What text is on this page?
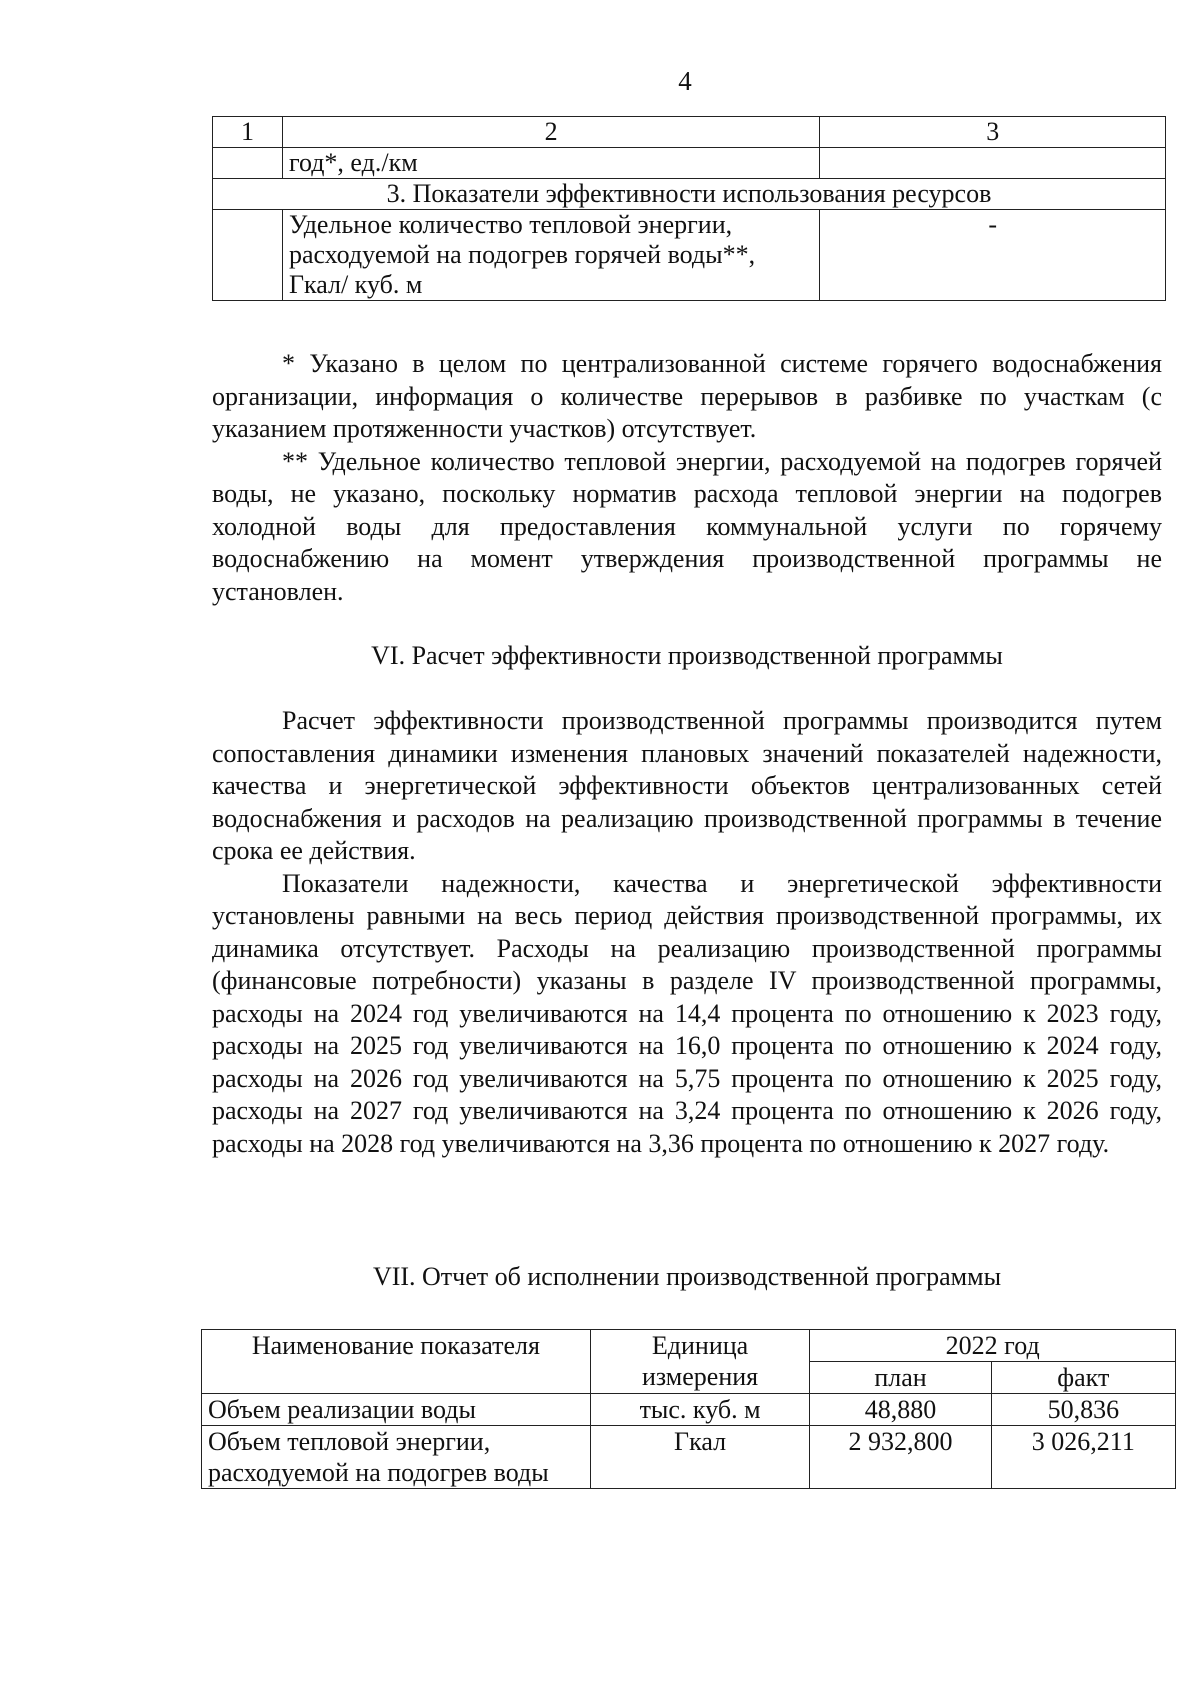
4
1	2	3
	год*, ед./км	
3. Показатели эффективности использования ресурсов		
	Удельное количество тепловой энергии, расходуемой на подогрев горячей воды**, Гкал/ куб. м	-

* Указано в целом по централизованной системе горячего водоснабжения организации, информация о количестве перерывов в разбивке по участкам (с указанием протяженности участков) отсутствует.

** Удельное количество тепловой энергии, расходуемой на подогрев горячей воды, не указано, поскольку норматив расхода тепловой энергии на подогрев холодной воды для предоставления коммунальной услуги по горячему водоснабжению на момент утверждения производственной программы не установлен.

VI. Расчет эффективности производственной программы

Расчет эффективности производственной программы производится путем сопоставления динамики изменения плановых значений показателей надежности, качества и энергетической эффективности объектов централизованных сетей водоснабжения и расходов на реализацию производственной программы в течение срока ее действия.

Показатели надежности, качества и энергетической эффективности установлены равными на весь период действия производственной программы, их динамика отсутствует. Расходы на реализацию производственной программы (финансовые потребности) указаны в разделе IV производственной программы, расходы на 2024 год увеличиваются на 14,4 процента по отношению к 2023 году, расходы на 2025 год увеличиваются на 16,0 процента по отношению к 2024 году, расходы на 2026 год увеличиваются на 5,75 процента по отношению к 2025 году, расходы на 2027 год увеличиваются на 3,24 процента по отношению к 2026 году, расходы на 2028 год увеличиваются на 3,36 процента по отношению к 2027 году.

VII. Отчет об исполнении производственной программы
Наименование показателя	Единица измерения	2022 год	
		план	факт
Объем реализации воды	тыс. куб. м	48,880	50,836
Объем тепловой энергии, расходуемой на подогрев воды	Гкал	2 932,800	3 026,211
